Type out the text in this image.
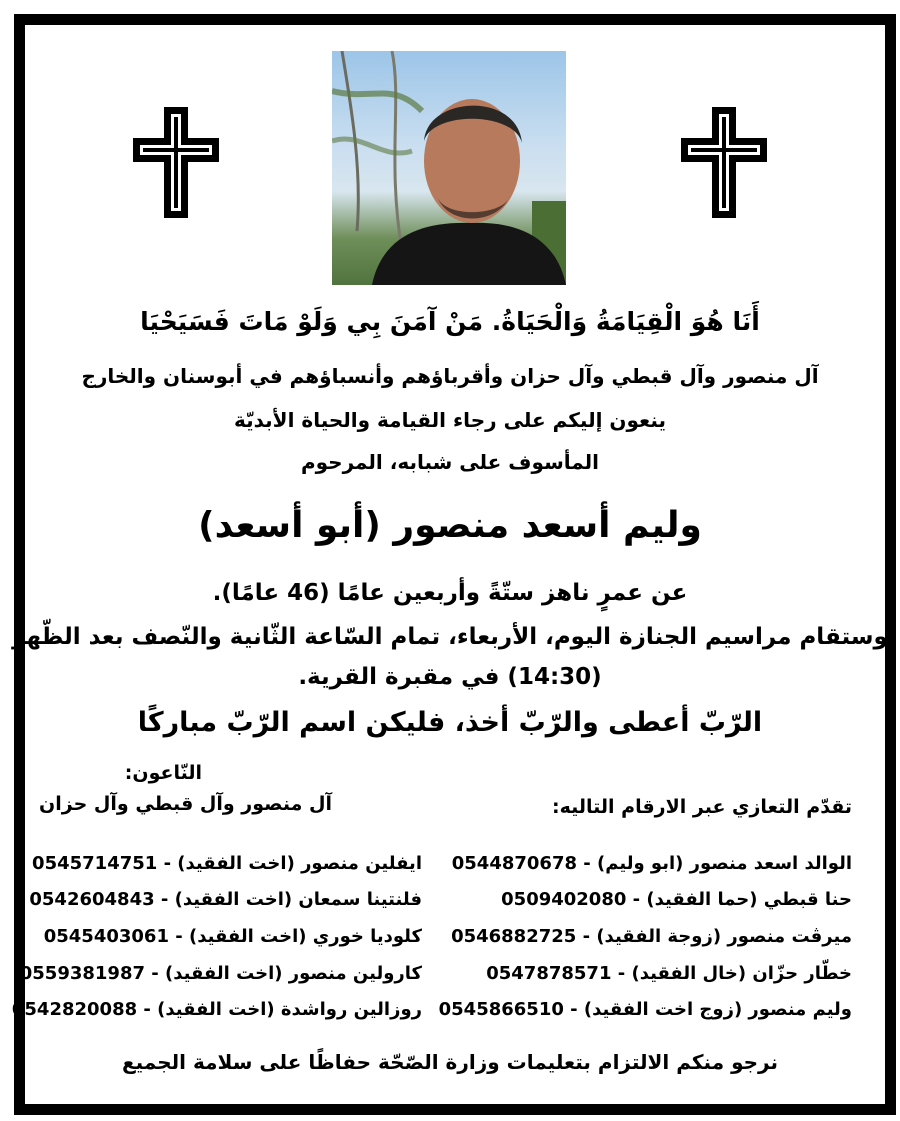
أَنَا هُوَ الْقِيَامَةُ وَالْحَيَاةُ. مَنْ آمَنَ بِي وَلَوْ مَاتَ فَسَيَحْيَا
آل منصور وآل قبطي وآل حزان وأقرباؤهم وأنسباؤهم في أبوسنان والخارج
ينعون إليكم على رجاء القيامة والحياة الأبديّة
المأسوف على شبابه، المرحوم
وليم أسعد منصور (أبو أسعد)
عن عمرٍ ناهز ستّةً وأربعين عامًا (46 عامًا).
وستقام مراسيم الجنازة اليوم، الأربعاء، تمام السّاعة الثّانية والنّصف بعد الظّهر
(14:30) في مقبرة القرية.
الرّبّ أعطى والرّبّ أخذ، فليكن اسم الرّبّ مباركًا
النّاعون:
آل منصور وآل قبطي وآل حزان	تقدّم التعازي عبر الارقام التاليه:
الوالد اسعد منصور (ابو وليم) - 0544870678
حنا قبطي (حما الفقيد) - 0509402080
ميرڤت منصور (زوجة الفقيد) - 0546882725
خطّار حزّان (خال الفقيد) - 0547878571
وليم منصور (زوج اخت الفقيد) - 0545866510
ايفلين منصور (اخت الفقيد) - 0545714751
فلنتينا سمعان (اخت الفقيد) - 0542604843
كلوديا خوري (اخت الفقيد) - 0545403061
كارولين منصور (اخت الفقيد) - 0559381987
روزالين رواشدة (اخت الفقيد) - 0542820088
نرجو منكم الالتزام بتعليمات وزارة الصّحّة حفاظًا على سلامة الجميع
